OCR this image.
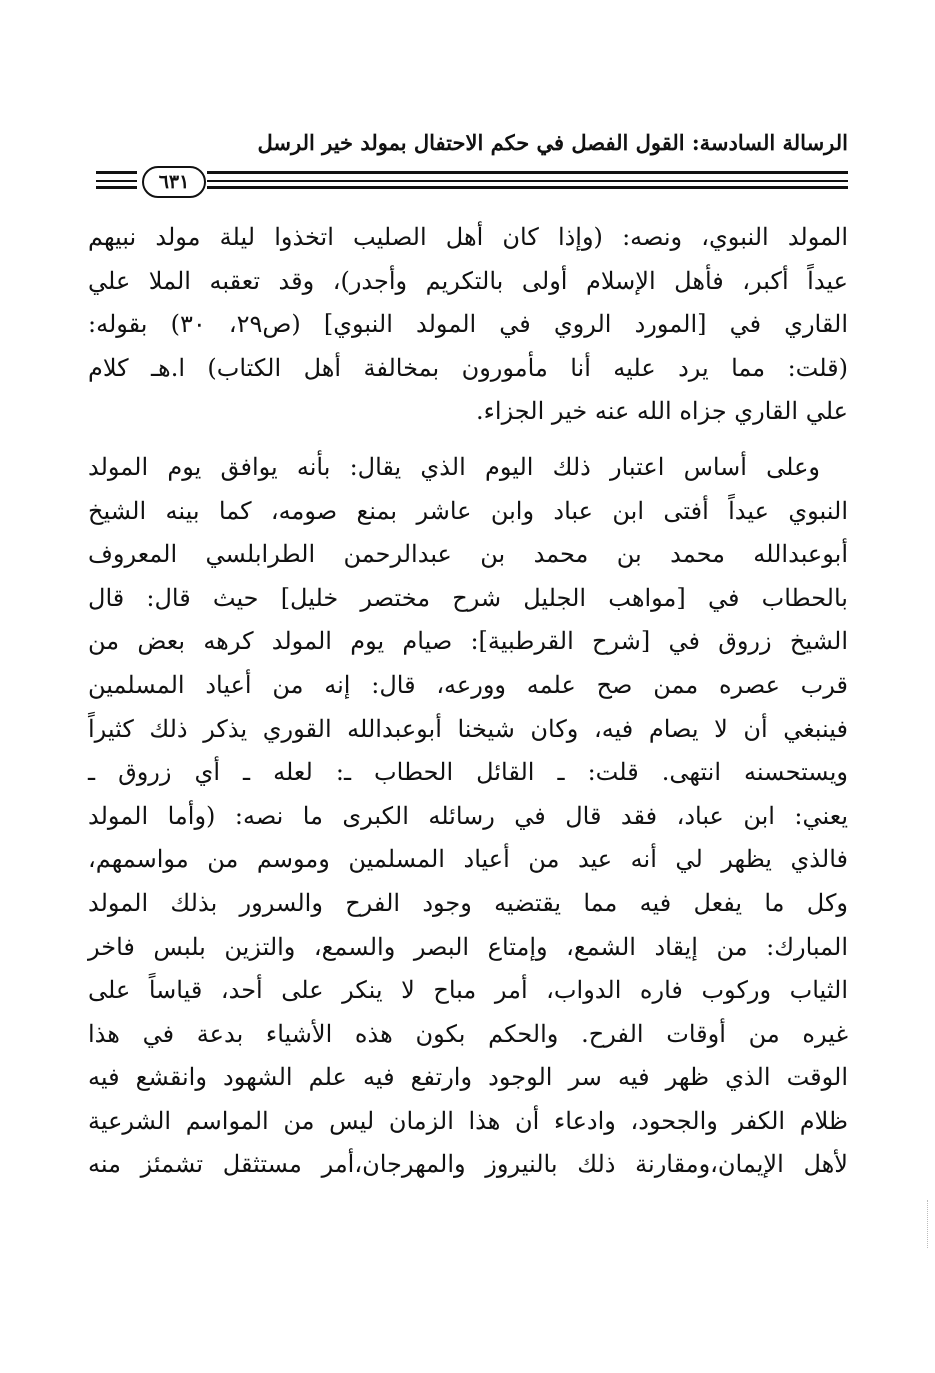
الرسالة السادسة: القول الفصل في حكم الاحتفال بمولد خير الرسل
٦٣١
المولد النبوي، ونصه: (وإذا كان أهل الصليب اتخذوا ليلة مولد نبيهم
عيداً أكبر، فأهل الإسلام أولى بالتكريم وأجدر)، وقد تعقبه الملا علي
القاري في [المورد الروي في المولد النبوي] (ص٢٩، ٣٠) بقوله:
(قلت: مما يرد عليه أنا مأمورون بمخالفة أهل الكتاب) ا.هـ كلام
علي القاري جزاه الله عنه خير الجزاء.
وعلى أساس اعتبار ذلك اليوم الذي يقال: بأنه يوافق يوم المولد
النبوي عيداً أفتى ابن عباد وابن عاشر بمنع صومه، كما بينه الشيخ
أبوعبدالله محمد بن محمد بن عبدالرحمن الطرابلسي المعروف
بالحطاب في [مواهب الجليل شرح مختصر خليل] حيث قال: قال
الشيخ زروق في [شرح القرطبية]: صيام يوم المولد كرهه بعض من
قرب عصره ممن صح علمه وورعه، قال: إنه من أعياد المسلمين
فينبغي أن لا يصام فيه، وكان شيخنا أبوعبدالله القوري يذكر ذلك كثيراً
ويستحسنه انتهى. قلت: ـ القائل الحطاب ـ: لعله ـ أي زروق ـ
يعني: ابن عباد، فقد قال في رسائله الكبرى ما نصه: (وأما المولد
فالذي يظهر لي أنه عيد من أعياد المسلمين وموسم من مواسمهم،
وكل ما يفعل فيه مما يقتضيه وجود الفرح والسرور بذلك المولد
المبارك: من إيقاد الشمع، وإمتاع البصر والسمع، والتزين بلبس فاخر
الثياب وركوب فاره الدواب، أمر مباح لا ينكر على أحد، قياساً على
غيره من أوقات الفرح. والحكم بكون هذه الأشياء بدعة في هذا
الوقت الذي ظهر فيه سر الوجود وارتفع فيه علم الشهود وانقشع فيه
ظلام الكفر والجحود، وادعاء أن هذا الزمان ليس من المواسم الشرعية
لأهل الإيمان،ومقارنة ذلك بالنيروز والمهرجان،أمر مستثقل تشمئز منه
